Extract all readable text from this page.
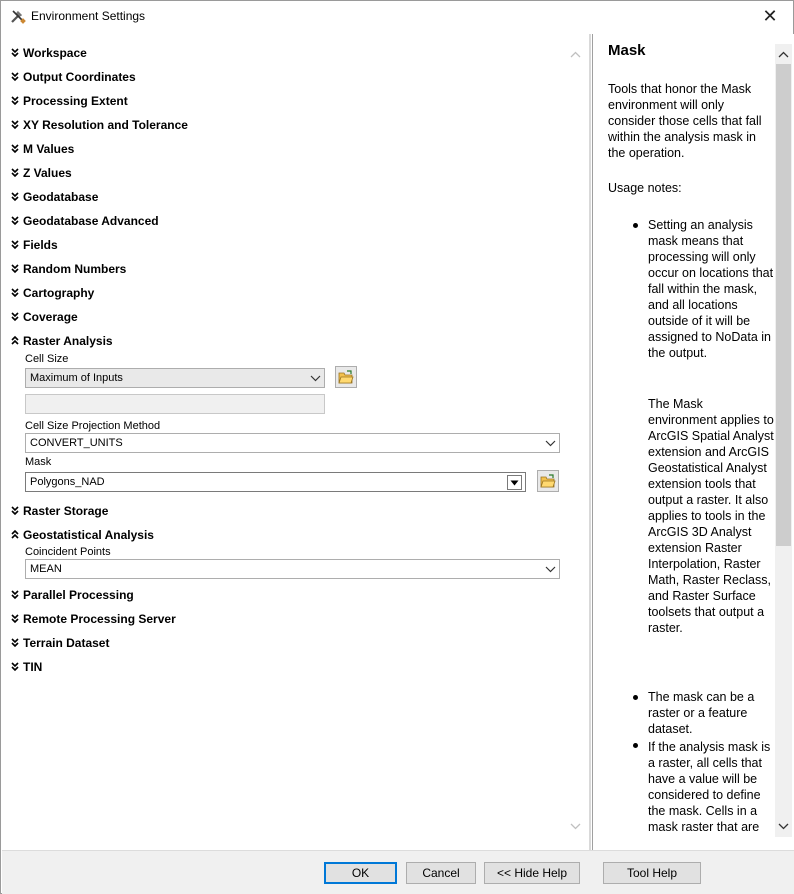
Environment Settings	✕
Workspace
Output Coordinates
Processing Extent
XY Resolution and Tolerance
M Values
Z Values
Geodatabase
Geodatabase Advanced
Fields
Random Numbers
Cartography
Coverage
Raster Analysis
Cell Size
Maximum of Inputs
Cell Size Projection Method
CONVERT_UNITS
Mask
Polygons_NAD
Raster Storage
Geostatistical Analysis
Coincident Points
MEAN
Parallel Processing
Remote Processing Server
Terrain Dataset
TIN
Mask
Tools that honor the Mask environment will only consider those cells that fall within the analysis mask in the operation.
Usage notes:
Setting an analysis mask means that processing will only occur on locations that fall within the mask, and all locations outside of it will be assigned to NoData in the output.
The Mask environment applies to ArcGIS Spatial Analyst extension and ArcGIS Geostatistical Analyst extension tools that output a raster. It also applies to tools in the ArcGIS 3D Analyst extension Raster Interpolation, Raster Math, Raster Reclass, and Raster Surface toolsets that output a raster.
The mask can be a raster or a feature dataset.
If the analysis mask is a raster, all cells that have a value will be considered to define the mask. Cells in a mask raster that are
OK	Cancel	<< Hide Help	Tool Help
